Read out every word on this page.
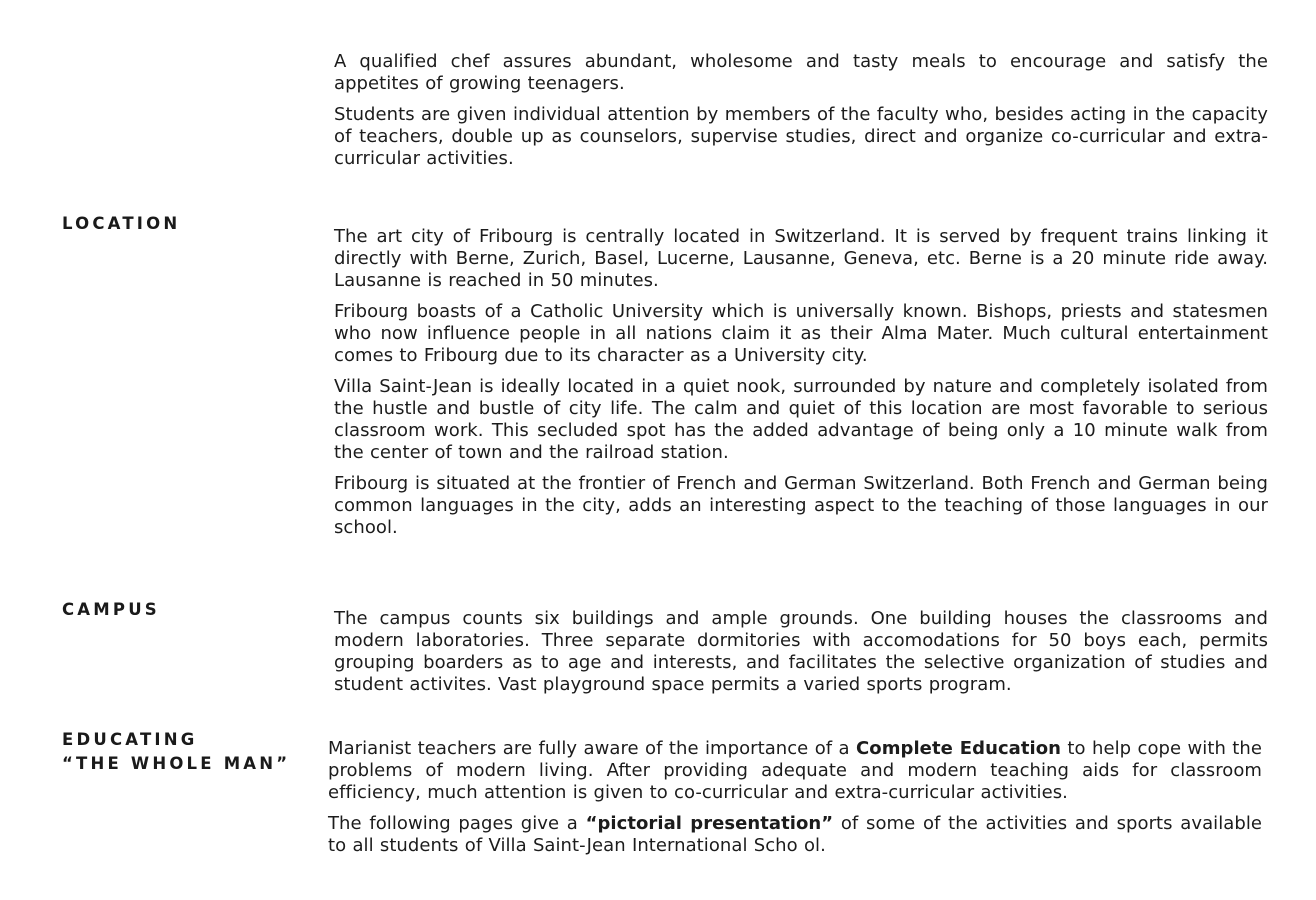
A qualified chef assures abundant, wholesome and tasty meals to encourage and satisfy the appetites of growing teenagers.

Students are given individual attention by members of the faculty who, besides acting in the capacity of teachers, double up as counselors, supervise studies, direct and organize co-curricular and extra-curricular activities.

LOCATION

The art city of Fribourg is centrally located in Switzerland. It is served by frequent trains linking it directly with Berne, Zurich, Basel, Lucerne, Lausanne, Geneva, etc. Berne is a 20 minute ride away. Lausanne is reached in 50 minutes.

Fribourg boasts of a Catholic University which is universally known. Bishops, priests and statesmen who now influence people in all nations claim it as their Alma Mater. Much cultural entertainment comes to Fribourg due to its character as a University city.

Villa Saint-Jean is ideally located in a quiet nook, surrounded by nature and completely isolated from the hustle and bustle of city life. The calm and quiet of this location are most favorable to serious classroom work. This secluded spot has the added advantage of being only a 10 minute walk from the center of town and the railroad station.

Fribourg is situated at the frontier of French and German Switzerland. Both French and German being common languages in the city, adds an interesting aspect to the teaching of those languages in our school.

CAMPUS	The campus counts six buildings and ample grounds. One building houses the classrooms and modern laboratories. Three separate dormitories with accomodations for 50 boys each, permits grouping boarders as to age and interests, and facilitates the selective organization of studies and student activites. Vast playground space permits a varied sports program.

EDUCATING
“THE WHOLE MAN”

Marianist teachers are fully aware of the importance of a Complete Education to help cope with the problems of modern living. After providing adequate and modern teaching aids for classroom efficiency, much attention is given to co-curricular and extra-curricular activities.

The following pages give a “pictorial presentation” of some of the activities and sports available to all students of Villa Saint-Jean International Scho ol.
